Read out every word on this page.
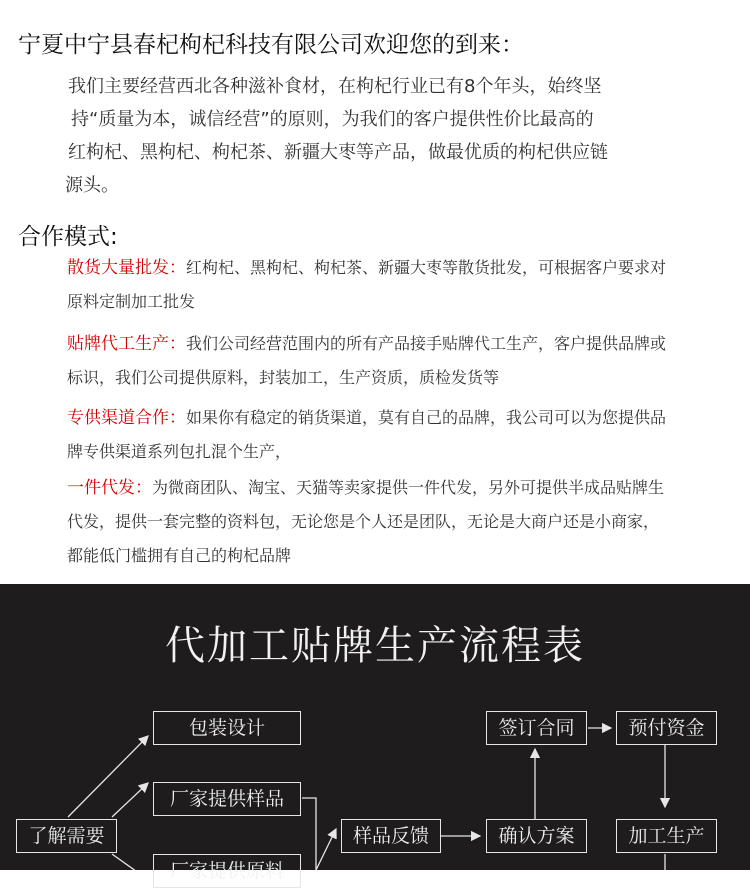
宁夏中宁县春杞枸杞科技有限公司欢迎您的到来：
我们主要经营西北各种滋补食材，在枸杞行业已有8个年头，始终坚
持“质量为本，诚信经营”的原则，为我们的客户提供性价比最高的
红枸杞、黑枸杞、枸杞茶、新疆大枣等产品，做最优质的枸杞供应链
源头。
合作模式:
散货大量批发：红枸杞、黑枸杞、枸杞茶、新疆大枣等散货批发，可根据客户要求对
原料定制加工批发
贴牌代工生产：我们公司经营范围内的所有产品接手贴牌代工生产，客户提供品牌或
标识，我们公司提供原料，封装加工，生产资质，质检发货等
专供渠道合作：如果你有稳定的销货渠道，莫有自己的品牌，我公司可以为您提供品
牌专供渠道系列包扎混个生产，
一件代发：为微商团队、淘宝、天猫等卖家提供一件代发，另外可提供半成品贴牌生
代发，提供一套完整的资料包，无论您是个人还是团队，无论是大商户还是小商家，
都能低门槛拥有自己的枸杞品牌
代加工贴牌生产流程表
包装设计
厂家提供样品
厂家提供原料
了解需要	样品反馈	确认方案
签订合同	预付资金
加工生产
